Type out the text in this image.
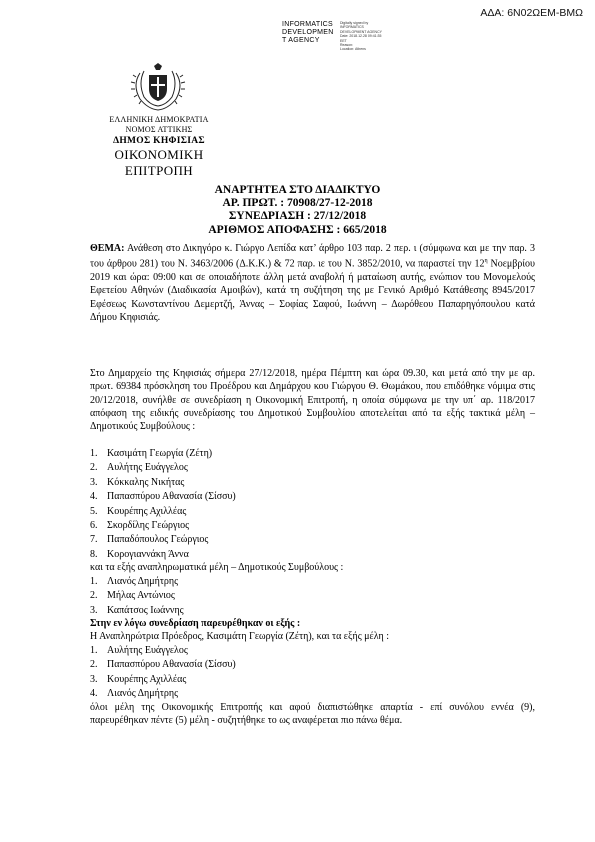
ΑΔΑ: 6Ν02ΩΕΜ-ΒΜΩ
INFORMATICS
DEVELOPMEN
T AGENCY
Digitally signed by
INFORMATICS
DEVELOPMENT AGENCY
Date: 2018.12.28 09:41:35
EET
Reason:
Location: Athens
ΕΛΛΗΝΙΚΗ ΔΗΜΟΚΡΑΤΙΑ
ΝΟΜΟΣ ΑΤΤΙΚΗΣ
ΔΗΜΟΣ ΚΗΦΙΣΙΑΣ
ΟΙΚΟΝΟΜΙΚΗ ΕΠΙΤΡΟΠΗ
ΑΝΑΡΤΗΤΕΑ ΣΤΟ ΔΙΑΔΙΚΤΥΟ
ΑΡ. ΠΡΩΤ. : 70908/27-12-2018
ΣΥΝΕΔΡΙΑΣΗ : 27/12/2018
ΑΡΙΘΜΟΣ ΑΠΟΦΑΣΗΣ : 665/2018
ΘΕΜΑ: Ανάθεση στο Δικηγόρο κ. Γιώργο Λεπίδα κατ’ άρθρο 103 παρ. 2 περ. ι (σύμφωνα και με την παρ. 3 του άρθρου 281) του Ν. 3463/2006 (Δ.Κ.Κ.) & 72 παρ. ιε του Ν. 3852/2010, να παραστεί την $12^\eta$ Νοεμβρίου 2019 και ώρα: 09:00 και σε οποιαδήποτε άλλη μετά αναβολή ή ματαίωση αυτής, ενώπιον του Μονομελούς Εφετείου Αθηνών (Διαδικασία Αμοιβών), κατά τη συζήτηση της με Γενικό Αριθμό Κατάθεσης 8945/2017 Εφέσεως Κωνσταντίνου Δεμερτζή, Άννας – Σοφίας Σαφού, Ιωάννη – Δωρόθεου Παπαρηγόπουλου κατά Δήμου Κηφισιάς.
Στο Δημαρχείο της Κηφισιάς σήμερα 27/12/2018, ημέρα Πέμπτη και ώρα 09.30, και μετά από την με αρ. πρωτ. 69384 πρόσκληση του Προέδρου και Δημάρχου κου Γιώργου Θ. Θωμάκου, που επιδόθηκε νόμιμα στις 20/12/2018, συνήλθε σε συνεδρίαση η Οικονομική Επιτροπή, η οποία σύμφωνα με την υπ΄ αρ. 118/2017 απόφαση της ειδικής συνεδρίασης του Δημοτικού Συμβουλίου αποτελείται από τα εξής τακτικά μέλη – Δημοτικούς Συμβούλους :
1. Κασιμάτη Γεωργία (Ζέτη)
2. Αυλήτης Ευάγγελος
3. Κόκκαλης Νικήτας
4. Παπασπύρου Αθανασία (Σίσσυ)
5. Κουρέπης Αχιλλέας
6. Σκορδίλης Γεώργιος
7. Παπαδόπουλος Γεώργιος
8. Κορογιαννάκη Άννα
και τα εξής αναπληρωματικά μέλη – Δημοτικούς Συμβούλους :
1. Λιανός Δημήτρης
2. Μήλας Αντώνιος
3. Καπάτσος Ιωάννης
Στην εν λόγω συνεδρίαση παρευρέθηκαν οι εξής :
Η Αναπληρώτρια Πρόεδρος, Κασιμάτη Γεωργία (Ζέτη), και τα εξής μέλη :
1. Αυλήτης Ευάγγελος
2. Παπασπύρου Αθανασία (Σίσσυ)
3. Κουρέπης Αχιλλέας
4. Λιανός Δημήτρης
όλοι μέλη της Οικονομικής Επιτροπής και αφού διαπιστώθηκε απαρτία - επί συνόλου εννέα (9), παρευρέθηκαν πέντε (5) μέλη - συζητήθηκε το ως αναφέρεται πιο πάνω θέμα.
